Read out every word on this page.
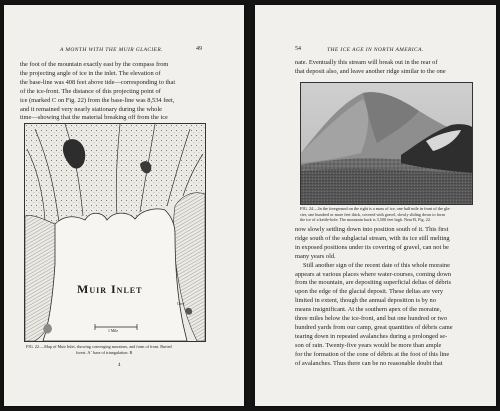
A MONTH WITH THE MUIR GLACIER.	49
the foot of the mountain exactly east by the compass from
the projecting angle of ice in the inlet. The elevation of
the base-line was 408 feet above tide—corresponding to that
of the ice-front. The distance of this projecting point of
ice (marked C on Fig. 22) from the base-line was 8,534 feet,
and it remained very nearly stationary during the whole
time—showing that the material breaking off from the ice
Muir Inlet
1 Mile
Cave
FIG. 22.—Map of Muir Inlet, showing converging moraines, and form of front. Buried
forest. A ' base of triangulation. B
4
54	THE ICE AGE IN NORTH AMERICA.
nate. Eventually this stream will break out in the rear of
that deposit also, and leave another ridge similar to the one
FIG. 24.—In the foreground on the right is a mass of ice, one half mile in front of the gla-
cier, one hundred or more feet thick, covered with gravel, slowly sliding down to form
the ice of a kettle-hole. The mountain back is 3,500 feet high. Near B, Fig. 22.
now slowly settling down into position south of it. This first
ridge south of the subglacial stream, with its ice still melting
in exposed positions under its covering of gravel, can not be
many years old.
Still another sign of the recent date of this whole moraine
appears at various places where water-courses, coming down
from the mountain, are depositing superficial deltas of débris
upon the edge of the glacial deposit. These deltas are very
limited in extent, though the annual deposition is by no
means insignificant. At the southern apex of the moraine,
three miles below the ice-front, and but one hundred or two
hundred yards from our camp, great quantities of débris came
tearing down in repeated avalanches during a prolonged se-
son of rain. Twenty-five years would be more than ample
for the formation of the cone of débris at the foot of this line
of avalanches. Thus there can be no reasonable doubt that
